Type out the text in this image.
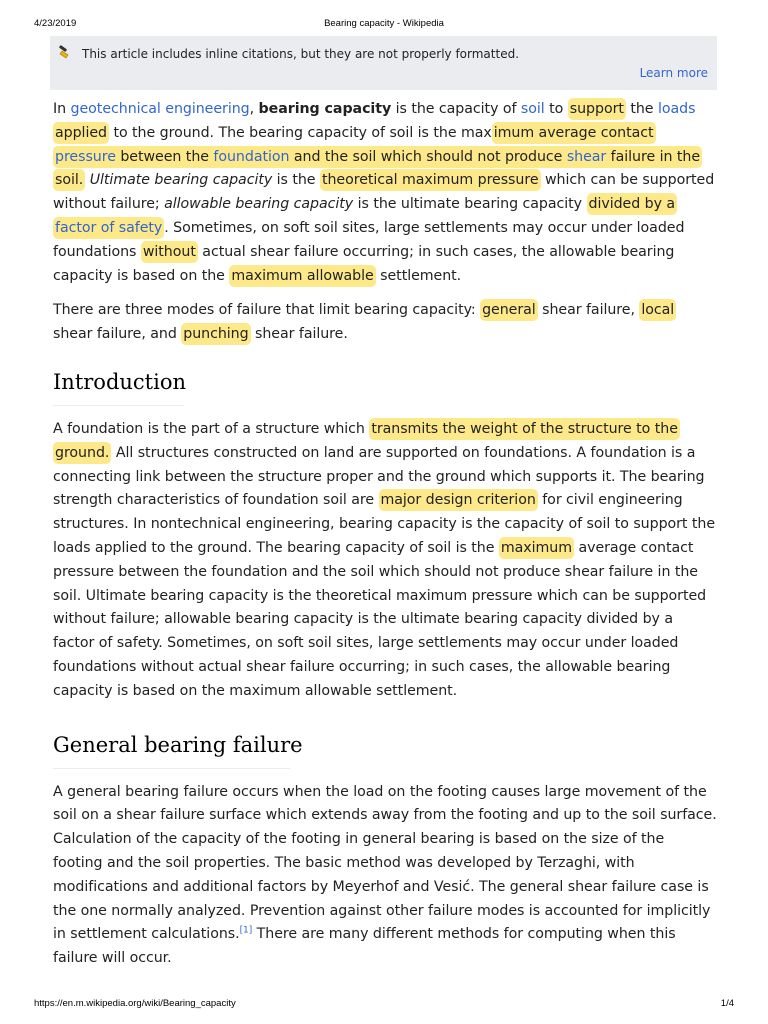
4/23/2019	Bearing capacity - Wikipedia
This article includes inline citations, but they are not properly formatted.
Learn more

In geotechnical engineering, bearing capacity is the capacity of soil to support the loads applied to the ground. The bearing capacity of soil is the max imum average contact pressure between the foundation and the soil which should not produce shear failure in the soil. Ultimate bearing capacity is the theoretical maximum pressure which can be supported without failure; allowable bearing capacity is the ultimate bearing capacity divided by a factor of safety . Sometimes, on soft soil sites, large settlements may occur under loaded foundations without actual shear failure occurring; in such cases, the allowable bearing capacity is based on the maximum allowable settlement.

There are three modes of failure that limit bearing capacity: general shear failure, local shear failure, and punching shear failure.

Introduction

A foundation is the part of a structure which transmits the weight of the structure to the ground. All structures constructed on land are supported on foundations. A foundation is a connecting link between the structure proper and the ground which supports it. The bearing strength characteristics of foundation soil are major design criterion for civil engineering structures. In nontechnical engineering, bearing capacity is the capacity of soil to support the loads applied to the ground. The bearing capacity of soil is the maximum average contact pressure between the foundation and the soil which should not produce shear failure in the soil. Ultimate bearing capacity is the theoretical maximum pressure which can be supported without failure; allowable bearing capacity is the ultimate bearing capacity divided by a factor of safety. Sometimes, on soft soil sites, large settlements may occur under loaded foundations without actual shear failure occurring; in such cases, the allowable bearing capacity is based on the maximum allowable settlement.

General bearing failure

A general bearing failure occurs when the load on the footing causes large movement of the soil on a shear failure surface which extends away from the footing and up to the soil surface. Calculation of the capacity of the footing in general bearing is based on the size of the footing and the soil properties. The basic method was developed by Terzaghi, with modifications and additional factors by Meyerhof and Vesić. The general shear failure case is the one normally analyzed. Prevention against other failure modes is accounted for implicitly in settlement calculations.[1] There are many different methods for computing when this failure will occur.

https://en.m.wikipedia.org/wiki/Bearing_capacity	1/4
